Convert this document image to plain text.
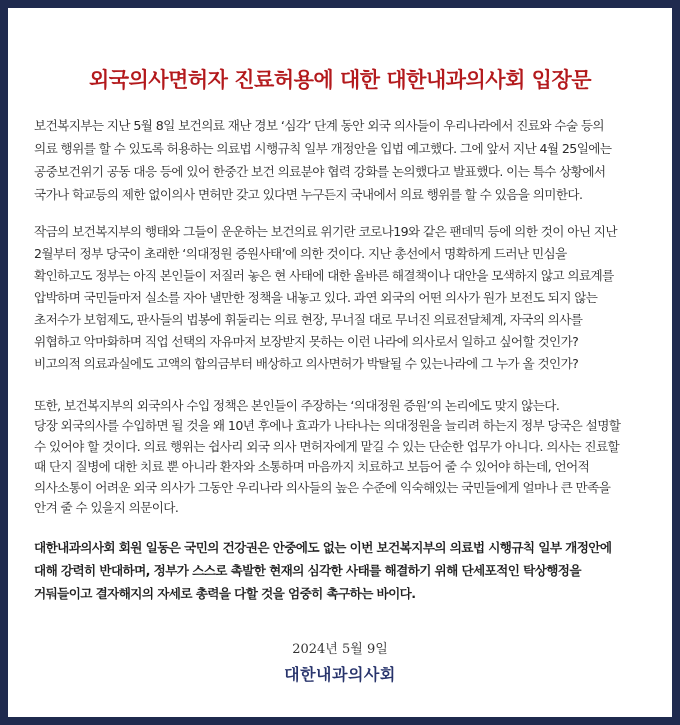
외국의사면허자 진료허용에 대한 대한내과의사회 입장문
보건복지부는 지난 5월 8일 보건의료 재난 경보 ‘심각’ 단계 동안 외국 의사들이 우리나라에서 진료와 수술 등의
의료 행위를 할 수 있도록 허용하는 의료법 시행규칙 일부 개정안을 입법 예고했다. 그에 앞서 지난 4월 25일에는
공중보건위기 공동 대응 등에 있어 한중간 보건 의료분야 협력 강화를 논의했다고 발표했다. 이는 특수 상황에서
국가나 학교등의 제한 없이의사 면허만 갖고 있다면 누구든지 국내에서 의료 행위를 할 수 있음을 의미한다.
작금의 보건복지부의 행태와 그들이 운운하는 보건의료 위기란 코로나19와 같은 팬데믹 등에 의한 것이 아닌 지난
2월부터 정부 당국이 초래한 ‘의대정원 증원사태’에 의한 것이다. 지난 총선에서 명확하게 드러난 민심을
확인하고도 정부는 아직 본인들이 저질러 놓은 현 사태에 대한 올바른 해결책이나 대안을 모색하지 않고 의료계를
압박하며 국민들마저 실소를 자아 낼만한 정책을 내놓고 있다. 과연 외국의 어떤 의사가 원가 보전도 되지 않는
초저수가 보험제도, 판사들의 법봉에 휘둘리는 의료 현장, 무너질 대로 무너진 의료전달체계, 자국의 의사를
위협하고 악마화하며 직업 선택의 자유마저 보장받지 못하는 이런 나라에 의사로서 일하고 싶어할 것인가?
비고의적 의료과실에도 고액의 합의금부터 배상하고 의사면허가 박탈될 수 있는나라에 그 누가 올 것인가?
또한, 보건복지부의 외국의사 수입 정책은 본인들이 주장하는 ‘의대정원 증원’의 논리에도 맞지 않는다.
당장 외국의사를 수입하면 될 것을 왜 10년 후에나 효과가 나타나는 의대정원을 늘리려 하는지 정부 당국은 설명할
수 있어야 할 것이다. 의료 행위는 쉽사리 외국 의사 면허자에게 맡길 수 있는 단순한 업무가 아니다. 의사는 진료할
때 단지 질병에 대한 치료 뿐 아니라 환자와 소통하며 마음까지 치료하고 보듬어 줄 수 있어야 하는데, 언어적
의사소통이 어려운 외국 의사가 그동안 우리나라 의사들의 높은 수준에 익숙해있는 국민들에게 얼마나 큰 만족을
안겨 줄 수 있을지 의문이다.
대한내과의사회 회원 일동은 국민의 건강권은 안중에도 없는 이번 보건복지부의 의료법 시행규칙 일부 개정안에
대해 강력히 반대하며, 정부가 스스로 촉발한 현재의 심각한 사태를 해결하기 위해 단세포적인 탁상행정을
거둬들이고 결자해지의 자세로 총력을 다할 것을 엄중히 촉구하는 바이다.
2024년 5월 9일
대한내과의사회
